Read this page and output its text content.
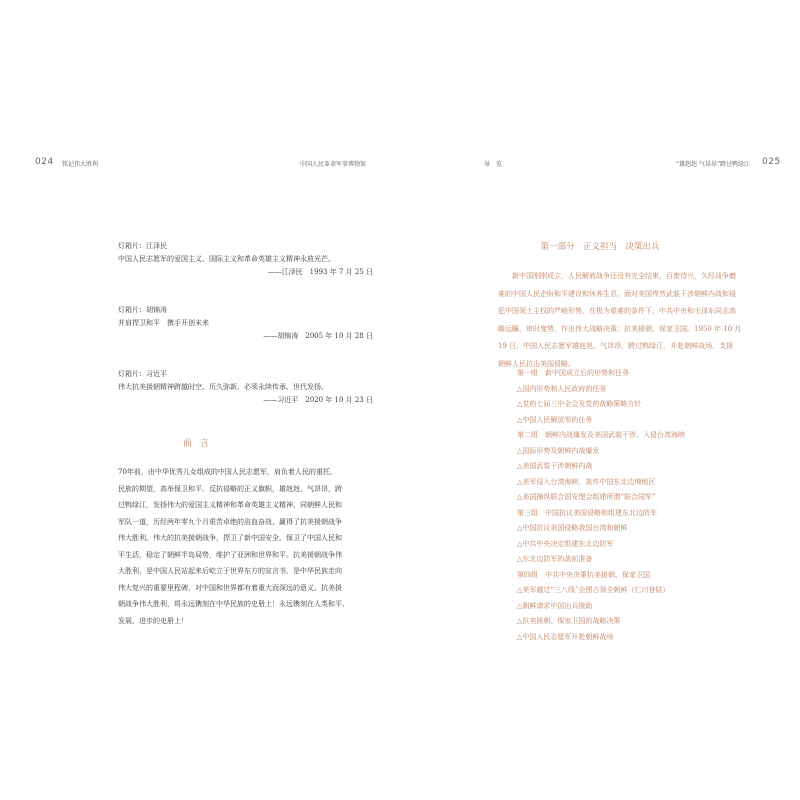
024 铭记伟大胜利	中国人民革命军事博物馆
灯箱片：江泽民
中国人民志愿军的爱国主义、国际主义和革命英雄主义精神永放光芒。
——江泽民　1993 年 7 月 25 日
灯箱片：胡锦涛
并肩捍卫和平　携手开创未来
——胡锦涛　2005 年 10 月 28 日
灯箱片：习近平
伟大抗美援朝精神跨越时空、历久弥新，必须永续传承、世代发扬。
——习近平　2020 年 10 月 23 日
前言
70年前，由中华优秀儿女组成的中国人民志愿军，肩负着人民的重托、
民族的期望，高举保卫和平、反抗侵略的正义旗帜，雄赳赳、气昂昂，跨
过鸭绿江，发扬伟大的爱国主义精神和革命英雄主义精神，同朝鲜人民和
军队一道，历经两年零九个月艰苦卓绝的浴血奋战，赢得了抗美援朝战争
伟大胜利。伟大的抗美援朝战争，捍卫了新中国安全，保卫了中国人民和
平生活，稳定了朝鲜半岛局势，维护了亚洲和世界和平。抗美援朝战争伟
大胜利，是中国人民站起来后屹立于世界东方的宣言书，是中华民族走向
伟大复兴的重要里程碑，对中国和世界都有着重大而深远的意义。抗美援
朝战争伟大胜利，将永远镌刻在中华民族的史册上！永远镌刻在人类和平、
发展、进步的史册上！
导　览	“雄赳赳 气昂昂”跨过鸭绿江 025
第一部分　正义担当　决策出兵
　　新中国刚刚成立，人民解放战争还没有完全结束，百废待兴，久经战争磨
难的中国人民企盼和平建设和休养生息。面对美国悍然武装干涉朝鲜内战和侵
犯中国领土主权的严峻形势，在极为艰难的条件下，中共中央和毛泽东同志高
瞻远瞩，审时度势，作出伟大战略决策：抗美援朝、保家卫国。1950 年 10 月
19 日，中国人民志愿军雄赳赳、气昂昂，跨过鸭绿江，开赴朝鲜战场，支援
朝鲜人民抗击美国侵略。
第一组　新中国成立后的形势和任务
△国内形势和人民政府的任务
△党的七届三中全会及党的战略策略方针
△中国人民解放军的任务
第二组　朝鲜内战爆发及美国武装干涉、入侵台湾海峡
△国际形势及朝鲜内战爆发
△美国武装干涉朝鲜内战
△美军侵入台湾海峡、轰炸中国东北边境地区
△美国操纵联合国安理会组建所谓“联合国军”
第三组　中国抗议美国侵略和组建东北边防军
△中国抗议美国侵略我国台湾和朝鲜
△中共中央决定组建东北边防军
△东北边防军的战前准备
第四组　中共中央决策抗美援朝、保家卫国
△美军越过“三八线”企图占领全朝鲜（仁川登陆）
△朝鲜请求中国出兵援助
△抗美援朝、保家卫国的战略决策
△中国人民志愿军开赴朝鲜战场
